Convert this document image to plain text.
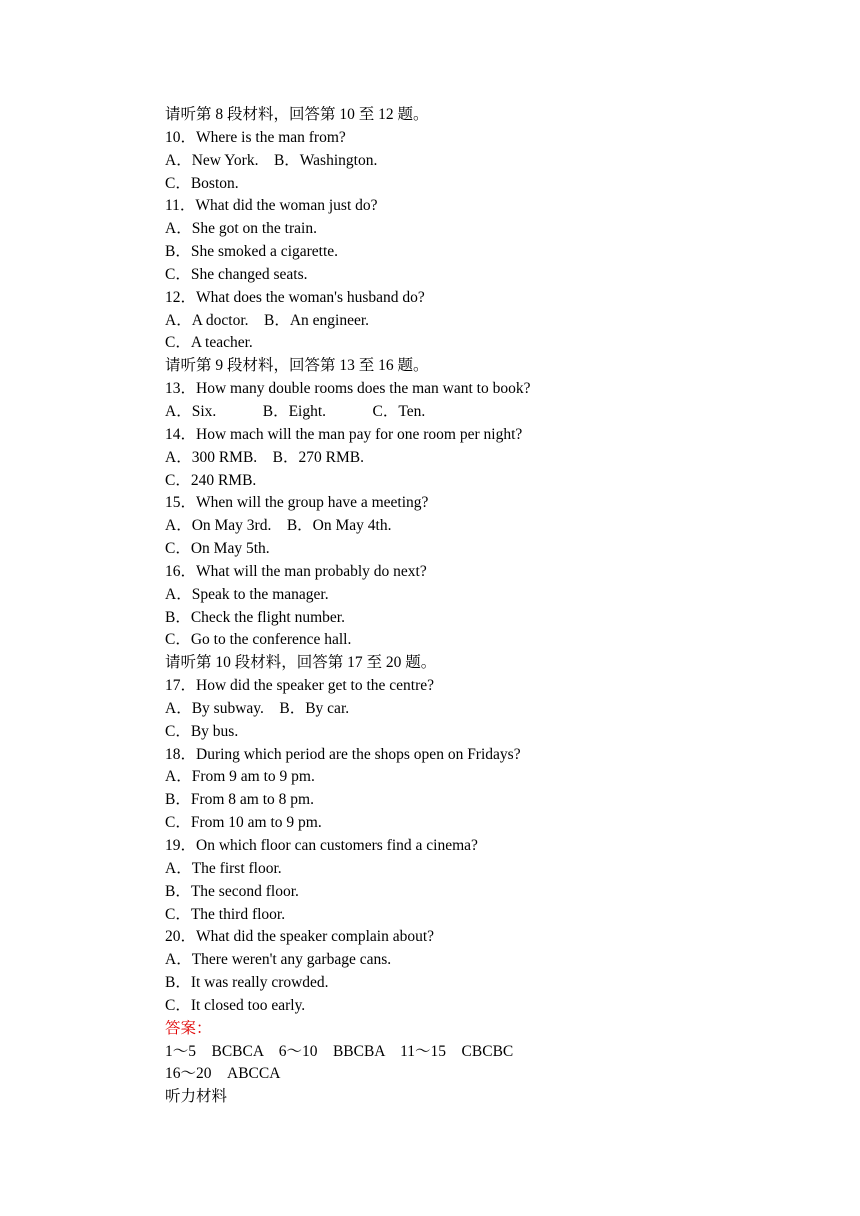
请听第 8 段材料，回答第 10 至 12 题。
10．Where is the man from?
A．New York.　B．Washington.
C．Boston.
11．What did the woman just do?
A．She got on the train.
B．She smoked a cigarette.
C．She changed seats.
12．What does the woman's husband do?
A．A doctor.　B．An engineer.
C．A teacher.
请听第 9 段材料，回答第 13 至 16 题。
13．How many double rooms does the man want to book?
A．Six.　　　B．Eight.　　　C．Ten.
14．How mach will the man pay for one room per night?
A．300 RMB.　B．270 RMB.
C．240 RMB.
15．When will the group have a meeting?
A．On May 3rd.　B．On May 4th.
C．On May 5th.
16．What will the man probably do next?
A．Speak to the manager.
B．Check the flight number.
C．Go to the conference hall.
请听第 10 段材料，回答第 17 至 20 题。
17．How did the speaker get to the centre?
A．By subway.　B．By car.
C．By bus.
18．During which period are the shops open on Fridays?
A．From 9 am to 9 pm.
B．From 8 am to 8 pm.
C．From 10 am to 9 pm.
19．On which floor can customers find a cinema?
A．The first floor.
B．The second floor.
C．The third floor.
20．What did the speaker complain about?
A．There weren't any garbage cans.
B．It was really crowded.
C．It closed too early.
答案：
1～5　BCBCA　6～10　BBCBA　11～15　CBCBC
16～20　ABCCA
听力材料
